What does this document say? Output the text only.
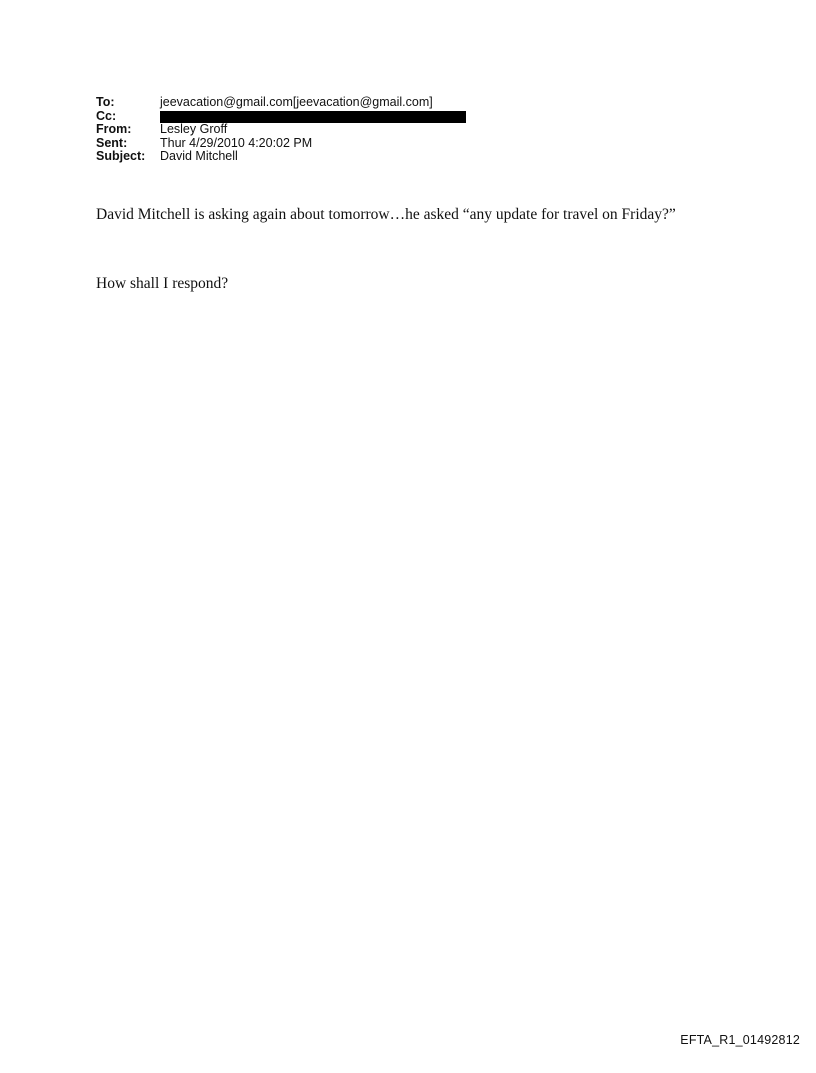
To:	jeevacation@gmail.com[jeevacation@gmail.com]
Cc:
From:	Lesley Groff
Sent:	Thur 4/29/2010 4:20:02 PM
Subject:	David Mitchell

David Mitchell is asking again about tomorrow…he asked “any update for travel on Friday?”

How shall I respond?

EFTA_R1_01492812
